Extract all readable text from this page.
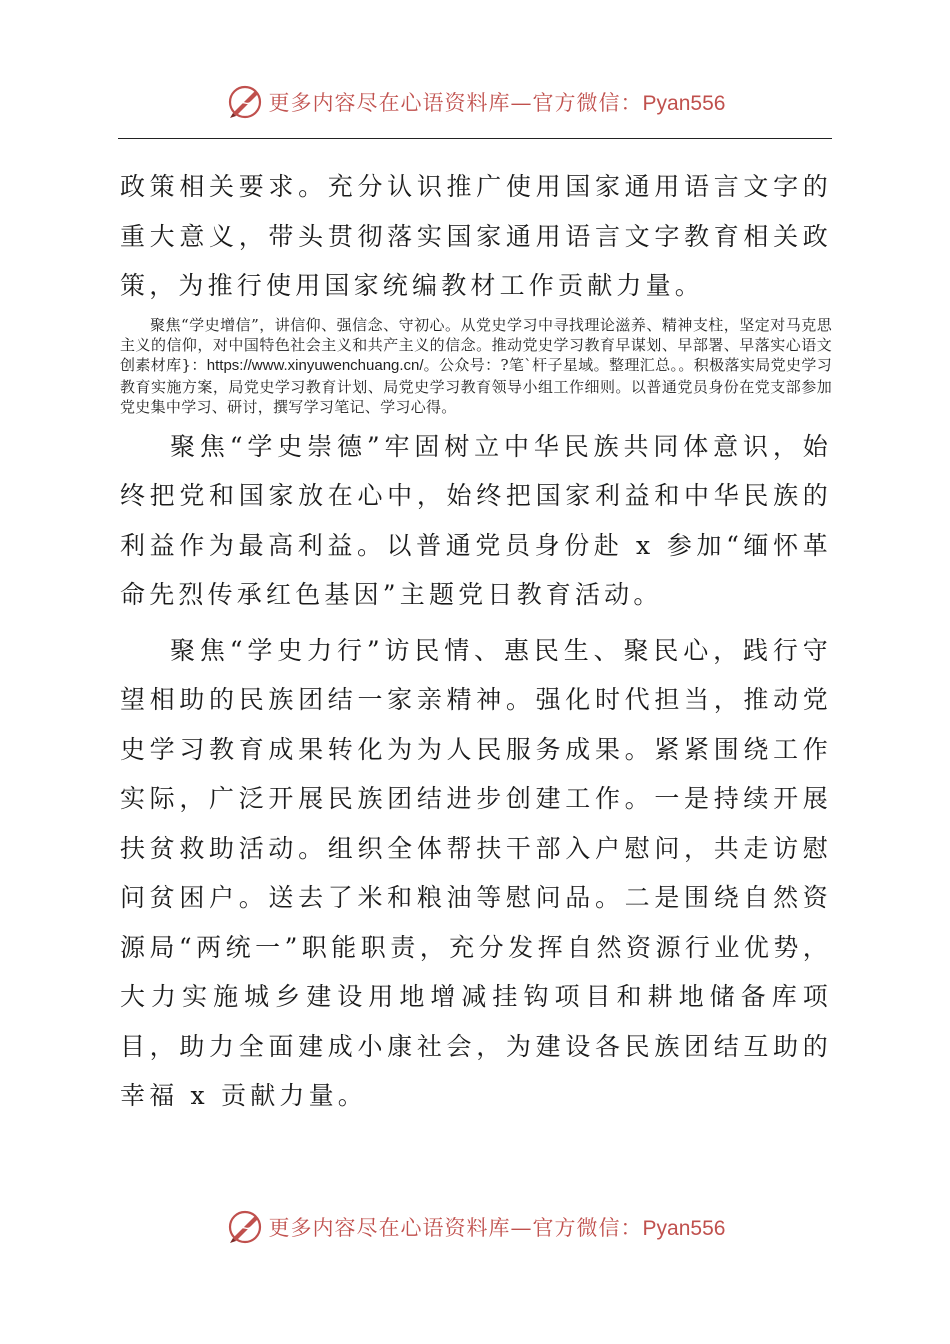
更多内容尽在心语资料库—官方微信：Pyan556

政策相关要求。充分认识推广使用国家通用语言文字的重大意义，带头贯彻落实国家通用语言文字教育相关政策，为推行使用国家统编教材工作贡献力量。

聚焦“学史增信”，讲信仰、强信念、守初心。从党史学习中寻找理论滋养、精神支柱，坚定对马克思主义的信仰，对中国特色社会主义和共产主义的信念。推动党史学习教育早谋划、早部署、早落实心语文创素材库}：https://www.xinyuwenchuang.cn/。公众号：?笔`杆子星域。整理汇总。。积极落实局党史学习教育实施方案，局党史学习教育计划、局党史学习教育领导小组工作细则。以普通党员身份在党支部参加党史集中学习、研讨，撰写学习笔记、学习心得。

聚焦“学史崇德”牢固树立中华民族共同体意识，始终把党和国家放在心中，始终把国家利益和中华民族的利益作为最高利益。以普通党员身份赴 x 参加“缅怀革命先烈传承红色基因”主题党日教育活动。

聚焦“学史力行”访民情、惠民生、聚民心，践行守望相助的民族团结一家亲精神。强化时代担当，推动党史学习教育成果转化为为人民服务成果。紧紧围绕工作实际，广泛开展民族团结进步创建工作。一是持续开展扶贫救助活动。组织全体帮扶干部入户慰问，共走访慰问贫困户。送去了米和粮油等慰问品。二是围绕自然资源局“两统一”职能职责，充分发挥自然资源行业优势，大力实施城乡建设用地增减挂钩项目和耕地储备库项目，助力全面建成小康社会，为建设各民族团结互助的幸福 x 贡献力量。

更多内容尽在心语资料库—官方微信：Pyan556
